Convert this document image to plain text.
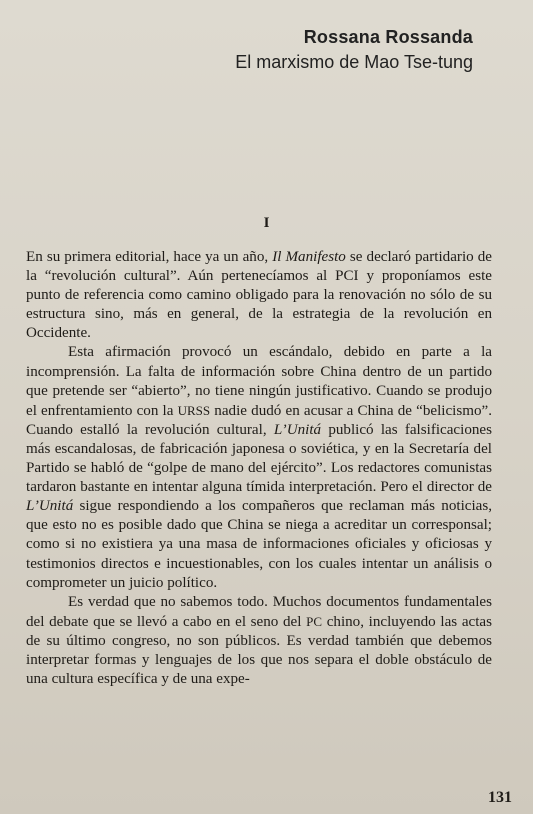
Rossana Rossanda
El marxismo de Mao Tse-tung
I

En su primera editorial, hace ya un año, Il Manifesto se declaró partidario de la “revolución cultural”. Aún pertenecíamos al PCI y proponíamos este punto de referencia como camino obligado para la renovación no sólo de su estructura sino, más en general, de la estrategia de la revolución en Occidente.

Esta afirmación provocó un escándalo, debido en parte a la incomprensión. La falta de información sobre China dentro de un partido que pretende ser “abierto”, no tiene ningún justificativo. Cuando se produjo el enfrentamiento con la URSS nadie dudó en acusar a China de “belicismo”. Cuando estalló la revolución cultural, L’Unitá publicó las falsificaciones más escandalosas, de fabricación japonesa o soviética, y en la Secretaría del Partido se habló de “golpe de mano del ejército”. Los redactores comunistas tardaron bastante en intentar alguna tímida interpretación. Pero el director de L’Unitá sigue respondiendo a los compañeros que reclaman más noticias, que esto no es posible dado que China se niega a acreditar un corresponsal; como si no existiera ya una masa de informaciones oficiales y oficiosas y testimonios directos e incuestionables, con los cuales intentar un análisis o comprometer un juicio político.

Es verdad que no sabemos todo. Muchos documentos fundamentales del debate que se llevó a cabo en el seno del PC chino, incluyendo las actas de su último congreso, no son públicos. Es verdad también que debemos interpretar formas y lenguajes de los que nos separa el doble obstáculo de una cultura específica y de una expe-

131
